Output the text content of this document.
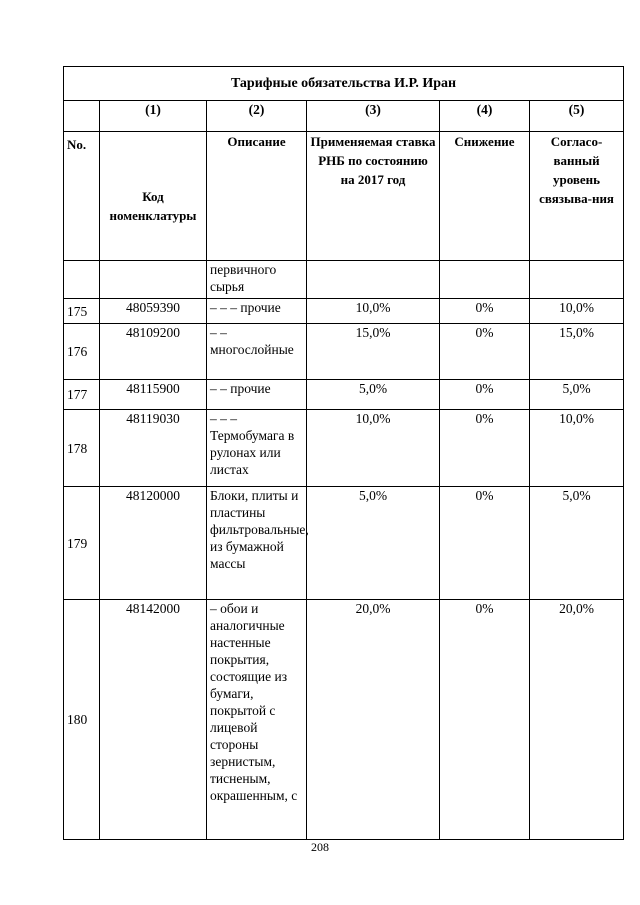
Тарифные обязательства И.Р. Иран					
	(1)	(2)	(3)	(4)	(5)
No.	Код номенклатуры	Описание	Применяемая ставка РНБ по состоянию на 2017 год	Снижение	Согласо-ванный уровень связыва-ния
		первичного сырья			
175	48059390	– – – прочие	10,0%	0%	10,0%
176	48109200	– – многослойные	15,0%	0%	15,0%
177	48115900	– – прочие	5,0%	0%	5,0%
178	48119030	– – – Термобумага в рулонах или листах	10,0%	0%	10,0%
179	48120000	Блоки, плиты и пластины фильтровальные, из бумажной массы	5,0%	0%	5,0%
180	48142000	– обои и аналогичные настенные покрытия, состоящие из бумаги, покрытой с лицевой стороны зернистым, тисненым, окрашенным, с	20,0%	0%	20,0%
208
